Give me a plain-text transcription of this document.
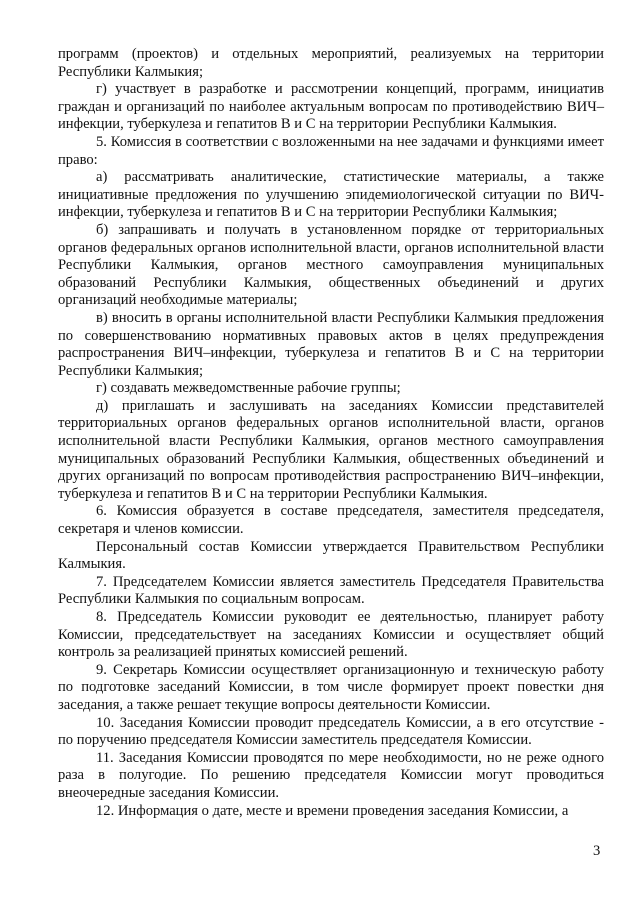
программ (проектов) и отдельных мероприятий, реализуемых на территории Республики Калмыкия;

г) участвует в разработке и рассмотрении концепций, программ, инициатив граждан и организаций по наиболее актуальным вопросам по противодействию ВИЧ–инфекции, туберкулеза и гепатитов В и С на территории Республики Калмыкия.

5. Комиссия в соответствии с возложенными на нее задачами и функциями имеет право:

а) рассматривать аналитические, статистические материалы, а также инициативные предложения по улучшению эпидемиологической ситуации по ВИЧ-инфекции, туберкулеза и гепатитов В и С на территории Республики Калмыкия;

б) запрашивать и получать в установленном порядке от территориальных органов федеральных органов исполнительной власти, органов исполнительной власти Республики Калмыкия, органов местного самоуправления муниципальных образований Республики Калмыкия, общественных объединений и других организаций необходимые материалы;

в) вносить в органы исполнительной власти Республики Калмыкия предложения по совершенствованию нормативных правовых актов в целях предупреждения распространения ВИЧ–инфекции, туберкулеза и гепатитов В и С на территории Республики Калмыкия;

г) создавать межведомственные рабочие группы;

д) приглашать и заслушивать на заседаниях Комиссии представителей территориальных органов федеральных органов исполнительной власти, органов исполнительной власти Республики Калмыкия, органов местного самоуправления муниципальных образований Республики Калмыкия, общественных объединений и других организаций по вопросам противодействия распространению ВИЧ–инфекции, туберкулеза и гепатитов В и С на территории Республики Калмыкия.

6. Комиссия образуется в составе председателя, заместителя председателя, секретаря и членов комиссии.

Персональный состав Комиссии утверждается Правительством Республики Калмыкия.

7. Председателем Комиссии является заместитель Председателя Правительства Республики Калмыкия по социальным вопросам.

8. Председатель Комиссии руководит ее деятельностью, планирует работу Комиссии, председательствует на заседаниях Комиссии и осуществляет общий контроль за реализацией принятых комиссией решений.

9. Секретарь Комиссии осуществляет организационную и техническую работу по подготовке заседаний Комиссии, в том числе формирует проект повестки дня заседания, а также решает текущие вопросы деятельности Комиссии.

10. Заседания Комиссии проводит председатель Комиссии, а в его отсутствие - по поручению председателя Комиссии заместитель председателя Комиссии.

11. Заседания Комиссии проводятся по мере необходимости, но не реже одного раза в полугодие. По решению председателя Комиссии могут проводиться внеочередные заседания Комиссии.

12. Информация о дате, месте и времени проведения заседания Комиссии, а

3
